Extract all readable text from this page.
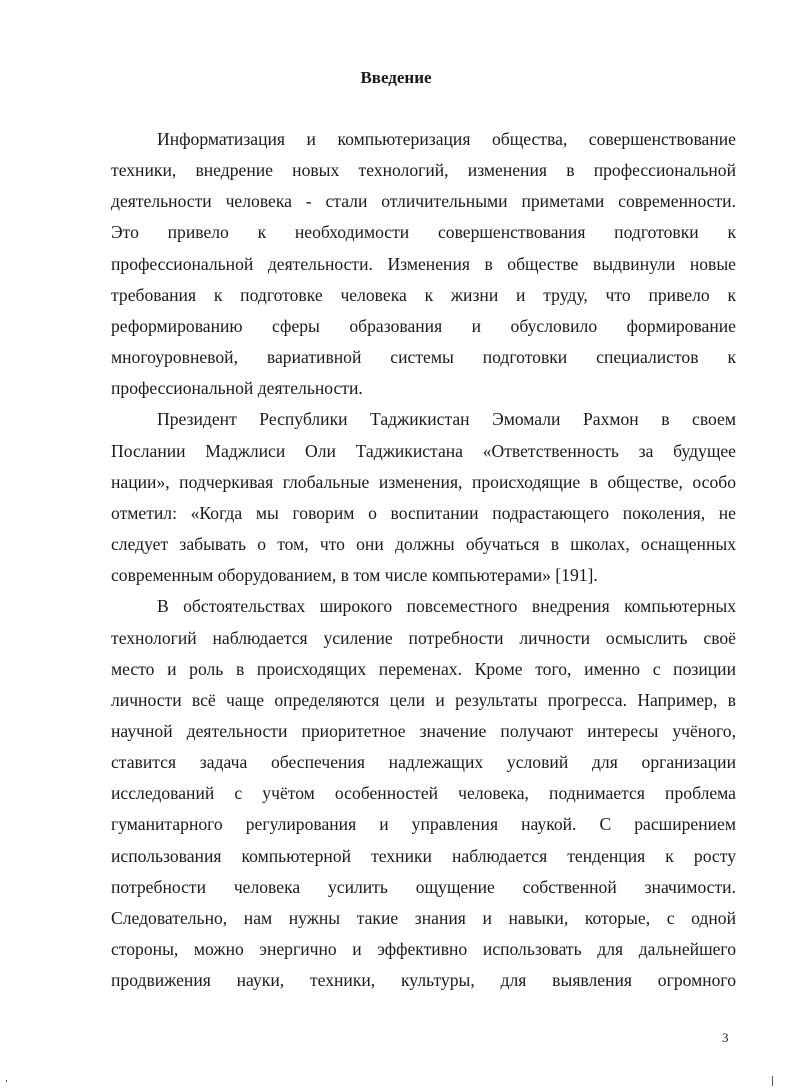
Введение

Информатизация и компьютеризация общества, совершенствование
техники, внедрение новых технологий, изменения в профессиональной
деятельности человека - стали отличительными приметами современности.
Это привело к необходимости совершенствования подготовки к
профессиональной деятельности. Изменения в обществе выдвинули новые
требования к подготовке человека к жизни и труду, что привело к
реформированию сферы образования и обусловило формирование
многоуровневой, вариативной системы подготовки специалистов к
профессиональной деятельности.

Президент Республики Таджикистан Эмомали Рахмон в своем
Послании Маджлиси Оли Таджикистана «Ответственность за будущее
нации», подчеркивая глобальные изменения, происходящие в обществе, особо
отметил: «Когда мы говорим о воспитании подрастающего поколения, не
следует забывать о том, что они должны обучаться в школах, оснащенных
современным оборудованием, в том числе компьютерами» [191].

В обстоятельствах широкого повсеместного внедрения компьютерных
технологий наблюдается усиление потребности личности осмыслить своё
место и роль в происходящих переменах. Кроме того, именно с позиции
личности всё чаще определяются цели и результаты прогресса. Например, в
научной деятельности приоритетное значение получают интересы учёного,
ставится задача обеспечения надлежащих условий для организации
исследований с учётом особенностей человека, поднимается проблема
гуманитарного регулирования и управления наукой. С расширением
использования компьютерной техники наблюдается тенденция к росту
потребности человека усилить ощущение собственной значимости.
Следовательно, нам нужны такие знания и навыки, которые, с одной
стороны, можно энергично и эффективно использовать для дальнейшего
продвижения науки, техники, культуры, для выявления огромного

3
